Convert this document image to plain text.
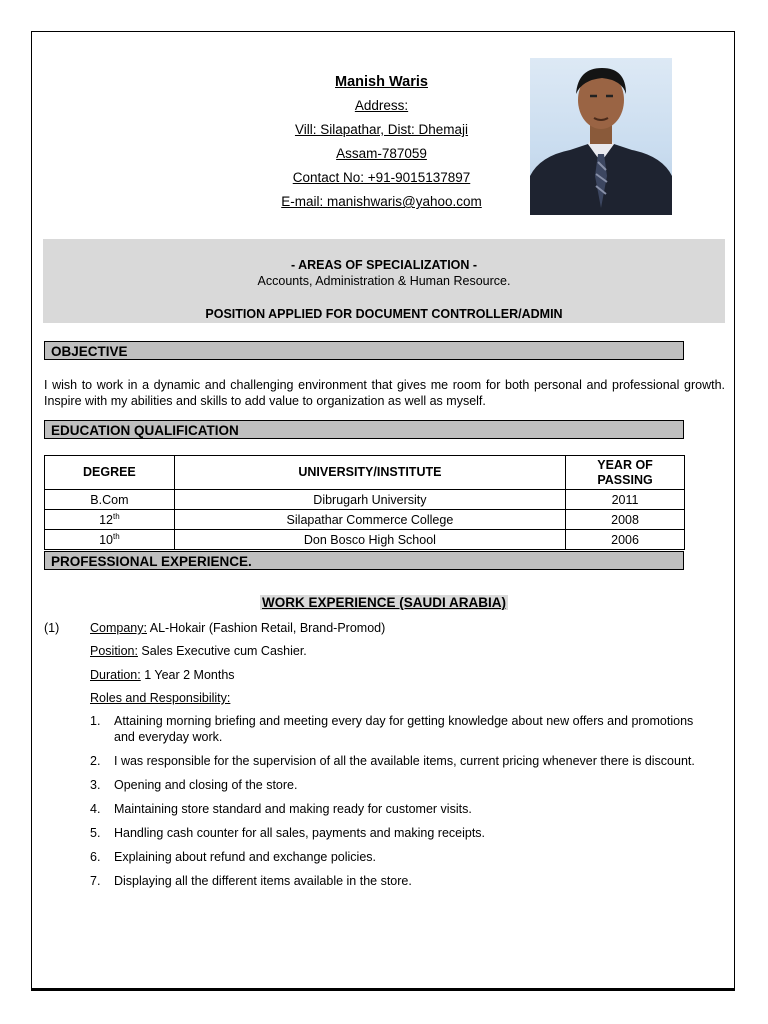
Manish Waris
Address:
Vill: Silapathar, Dist: Dhemaji
Assam-787059
Contact No: +91-9015137897
E-mail: manishwaris@yahoo.com
- AREAS OF SPECIALIZATION -
Accounts, Administration & Human Resource.
POSITION APPLIED FOR DOCUMENT CONTROLLER/ADMIN
OBJECTIVE
I wish to work in a dynamic and challenging environment that gives me room for both personal and professional growth. Inspire with my abilities and skills to add value to organization as well as myself.
EDUCATION QUALIFICATION
DEGREE	UNIVERSITY/INSTITUTE	YEAR OF PASSING
B.Com	Dibrugarh University	2011
12th	Silapathar Commerce College	2008
10th	Don Bosco High School	2006
PROFESSIONAL EXPERIENCE.
WORK EXPERIENCE (SAUDI ARABIA)
(1) Company: AL-Hokair (Fashion Retail, Brand-Promod)
Position: Sales Executive cum Cashier.
Duration: 1 Year 2 Months
Roles and Responsibility:
1. Attaining morning briefing and meeting every day for getting knowledge about new offers and promotions and everyday work.
2. I was responsible for the supervision of all the available items, current pricing whenever there is discount.
3. Opening and closing of the store.
4. Maintaining store standard and making ready for customer visits.
5. Handling cash counter for all sales, payments and making receipts.
6. Explaining about refund and exchange policies.
7. Displaying all the different items available in the store.
